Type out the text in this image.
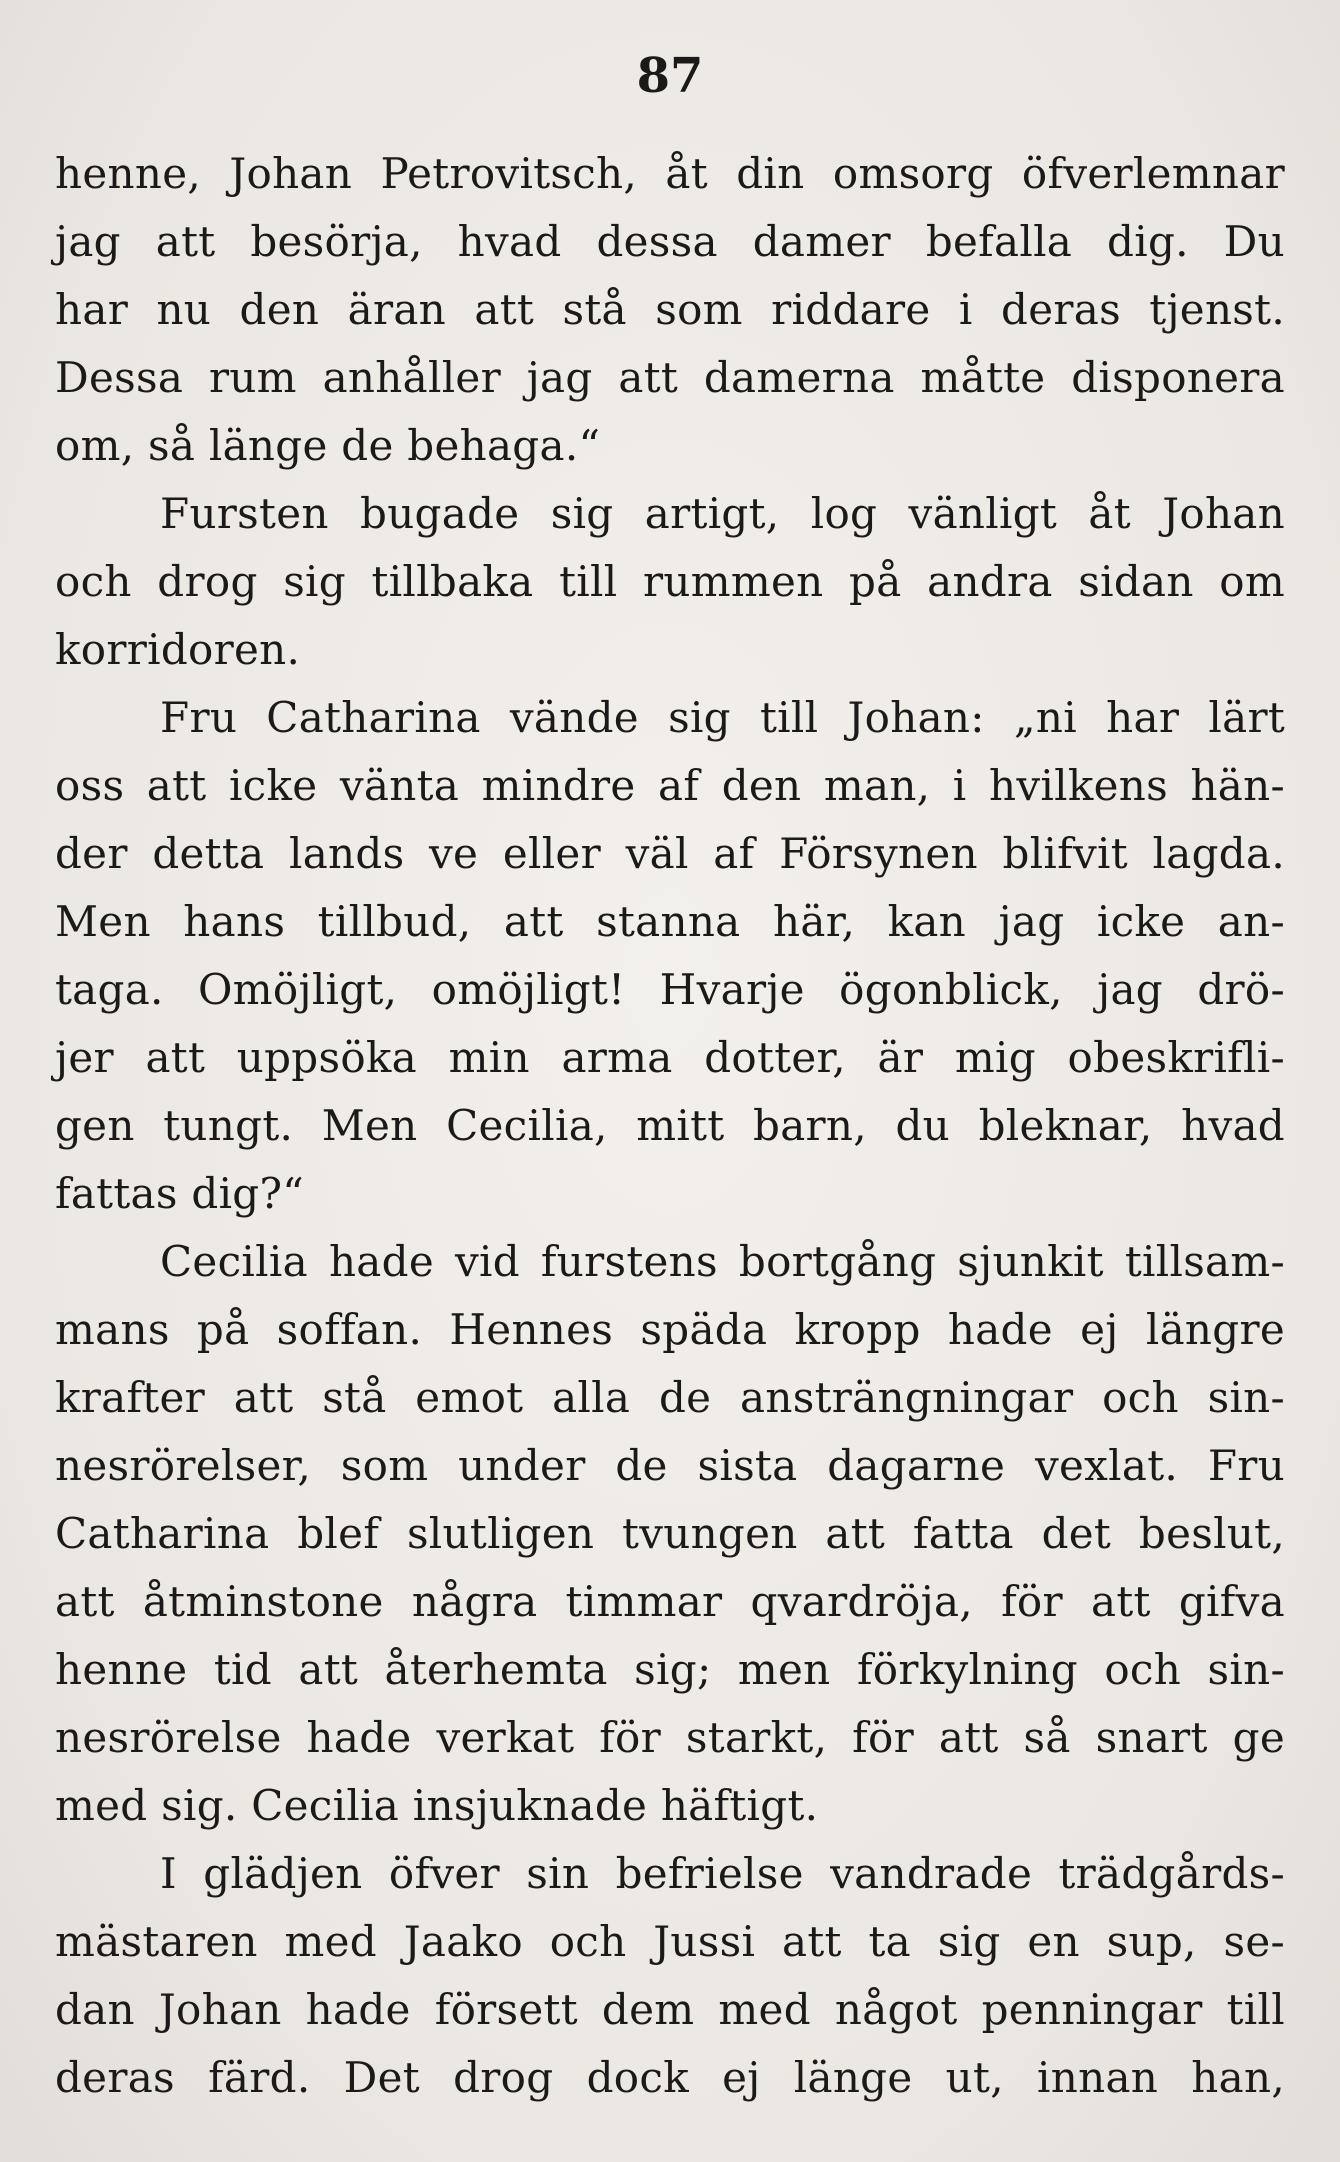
87
henne, Johan Petrovitsch, åt din omsorg öfverlemnar
jag att besörja, hvad dessa damer befalla dig. Du
har nu den äran att stå som riddare i deras tjenst.
Dessa rum anhåller jag att damerna måtte disponera
om, så länge de behaga.“
Fursten bugade sig artigt, log vänligt åt Johan
och drog sig tillbaka till rummen på andra sidan om
korridoren.
Fru Catharina vände sig till Johan: „ni har lärt
oss att icke vänta mindre af den man, i hvilkens hän-
der detta lands ve eller väl af Försynen blifvit lagda.
Men hans tillbud, att stanna här, kan jag icke an-
taga. Omöjligt, omöjligt! Hvarje ögonblick, jag drö-
jer att uppsöka min arma dotter, är mig obeskrifli-
gen tungt. Men Cecilia, mitt barn, du bleknar, hvad
fattas dig?“
Cecilia hade vid furstens bortgång sjunkit tillsam-
mans på soffan. Hennes späda kropp hade ej längre
krafter att stå emot alla de ansträngningar och sin-
nesrörelser, som under de sista dagarne vexlat. Fru
Catharina blef slutligen tvungen att fatta det beslut,
att åtminstone några timmar qvardröja, för att gifva
henne tid att återhemta sig; men förkylning och sin-
nesrörelse hade verkat för starkt, för att så snart ge
med sig. Cecilia insjuknade häftigt.
I glädjen öfver sin befrielse vandrade trädgårds-
mästaren med Jaako och Jussi att ta sig en sup, se-
dan Johan hade försett dem med något penningar till
deras färd. Det drog dock ej länge ut, innan han,
